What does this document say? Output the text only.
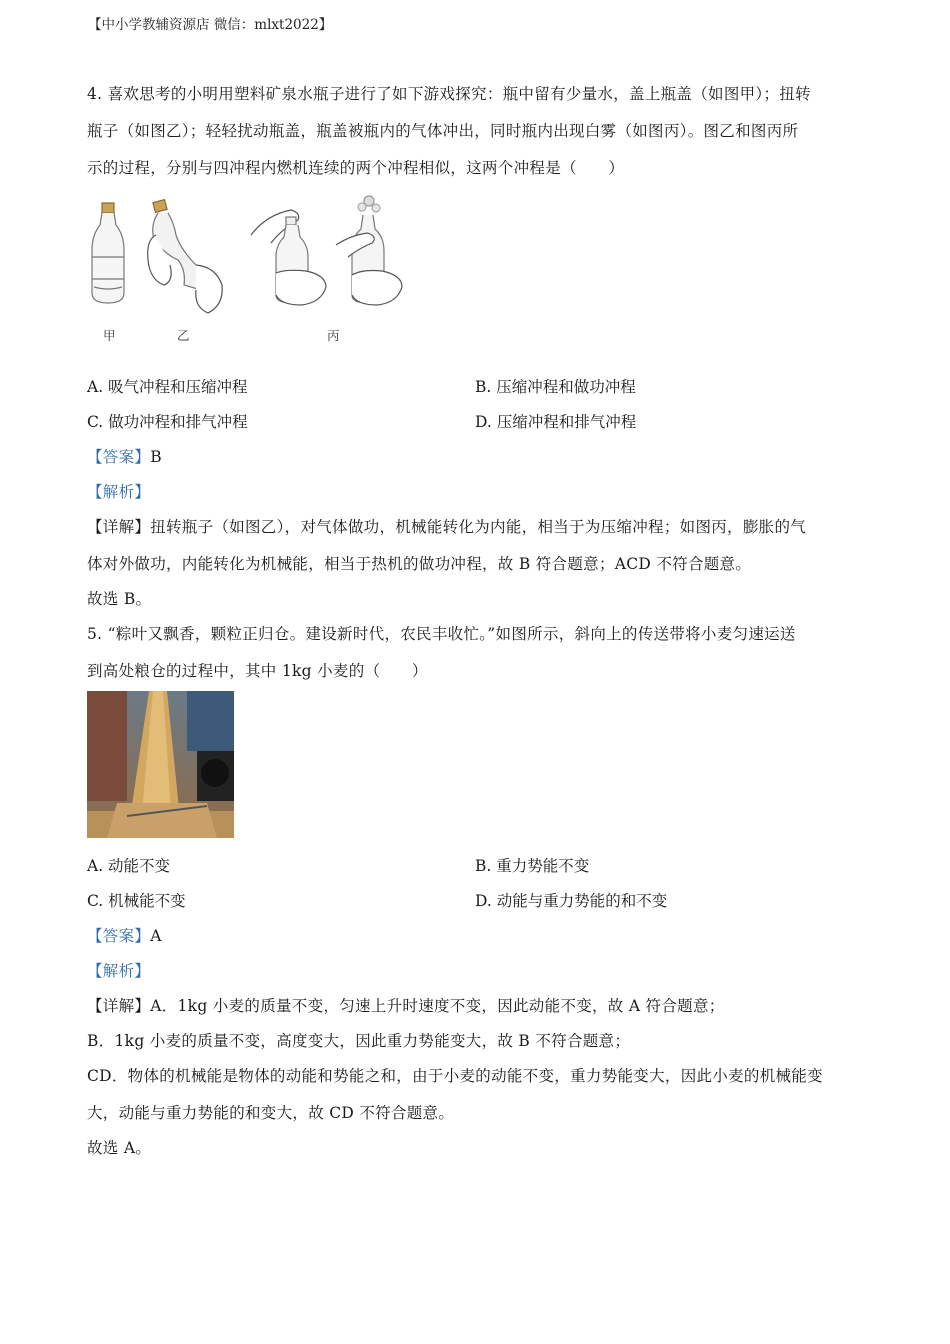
【中小学教辅资源店 微信：mlxt2022】
4. 喜欢思考的小明用塑料矿泉水瓶子进行了如下游戏探究：瓶中留有少量水，盖上瓶盖（如图甲）；扭转
瓶子（如图乙）；轻轻扰动瓶盖，瓶盖被瓶内的气体冲出，同时瓶内出现白雾（如图丙）。图乙和图丙所
示的过程，分别与四冲程内燃机连续的两个冲程相似，这两个冲程是（　　）
甲	乙	丙
A. 吸气冲程和压缩冲程	B. 压缩冲程和做功冲程
C. 做功冲程和排气冲程	D. 压缩冲程和排气冲程
【答案】B
【解析】
【详解】扭转瓶子（如图乙），对气体做功，机械能转化为内能，相当于为压缩冲程；如图丙，膨胀的气
体对外做功，内能转化为机械能，相当于热机的做功冲程，故 B 符合题意；ACD 不符合题意。
故选 B。
5. “粽叶又飘香，颗粒正归仓。建设新时代，农民丰收忙。”如图所示，斜向上的传送带将小麦匀速运送
到高处粮仓的过程中，其中 1kg 小麦的（　　）
A. 动能不变	B. 重力势能不变
C. 机械能不变	D. 动能与重力势能的和不变
【答案】A
【解析】
【详解】A．1kg 小麦的质量不变，匀速上升时速度不变，因此动能不变，故 A 符合题意；
B．1kg 小麦的质量不变，高度变大，因此重力势能变大，故 B 不符合题意；
CD．物体的机械能是物体的动能和势能之和，由于小麦的动能不变，重力势能变大，因此小麦的机械能变
大，动能与重力势能的和变大，故 CD 不符合题意。
故选 A。
